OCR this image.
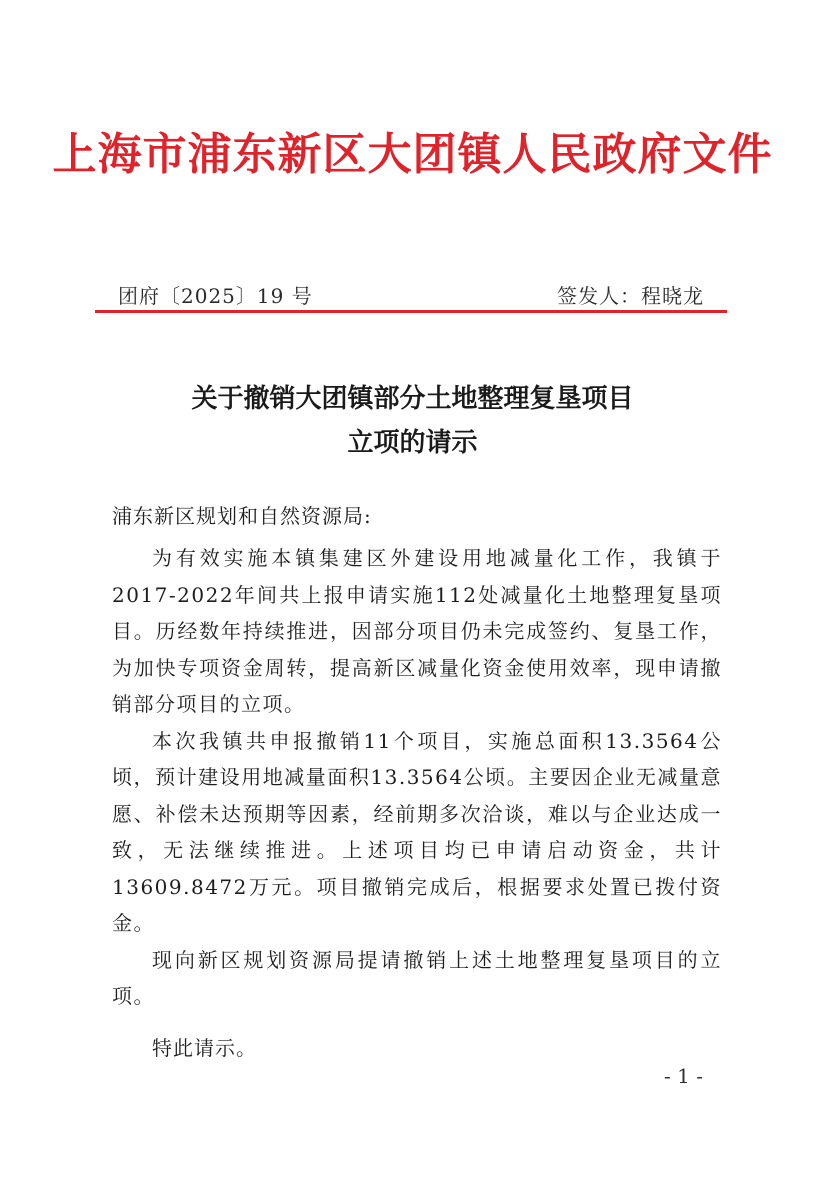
上海市浦东新区大团镇人民政府文件
团府〔2025〕19 号	签发人：程晓龙
关于撤销大团镇部分土地整理复垦项目
立项的请示
浦东新区规划和自然资源局:

为有效实施本镇集建区外建设用地减量化工作，我镇于2017-2022年间共上报申请实施112处减量化土地整理复垦项目。历经数年持续推进，因部分项目仍未完成签约、复垦工作，为加快专项资金周转，提高新区减量化资金使用效率，现申请撤销部分项目的立项。

本次我镇共申报撤销11个项目，实施总面积13.3564公顷，预计建设用地减量面积13.3564公顷。主要因企业无减量意愿、补偿未达预期等因素，经前期多次洽谈，难以与企业达成一致，无法继续推进。上述项目均已申请启动资金，共计13609.8472万元。项目撤销完成后，根据要求处置已拨付资金。

现向新区规划资源局提请撤销上述土地整理复垦项目的立项。

特此请示。
- 1 -
